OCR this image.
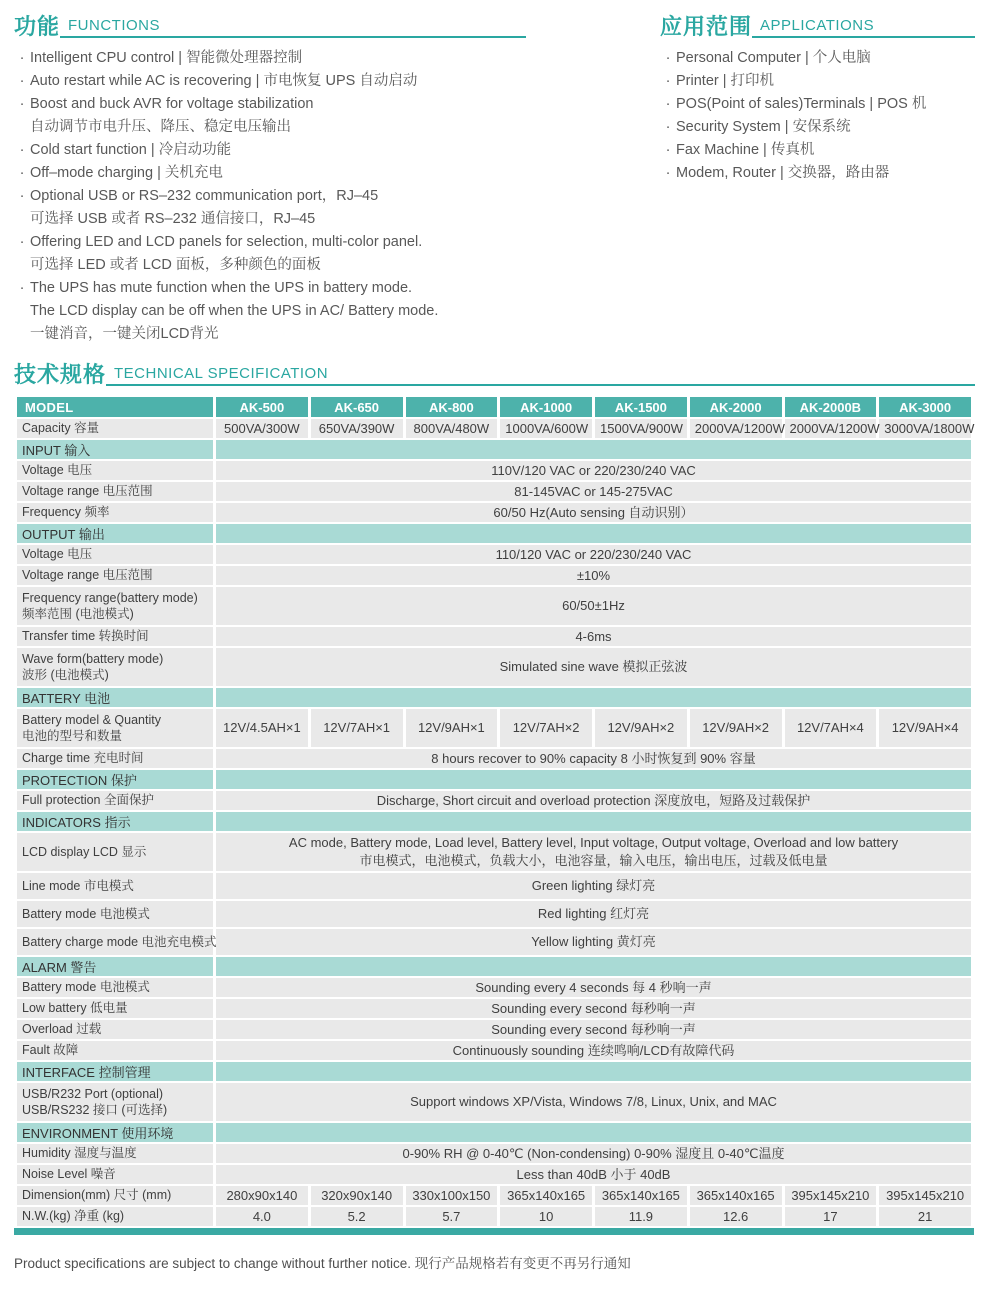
功能 FUNCTIONS
· Intelligent CPU control | 智能微处理器控制
· Auto restart while AC is recovering | 市电恢复 UPS 自动启动
· Boost and buck AVR for voltage stabilization
自动调节市电升压、降压、稳定电压输出
· Cold start function | 冷启动功能
· Off–mode charging | 关机充电
· Optional USB or RS–232 communication port，RJ–45
可选择 USB 或者 RS–232 通信接口，RJ–45
· Offering LED and LCD panels for selection, multi-color panel.
可选择 LED 或者 LCD 面板，多种颜色的面板
· The UPS has mute function when the UPS in battery mode.
The LCD display can be off when the UPS in AC/ Battery mode.
一键消音，一键关闭LCD背光
应用范围 APPLICATIONS
· Personal Computer | 个人电脑
· Printer | 打印机
· POS(Point of sales)Terminals | POS 机
· Security System | 安保系统
· Fax Machine | 传真机
· Modem, Router | 交换器，路由器
技术规格 TECHNICAL SPECIFICATION
MODEL	AK-500	AK-650	AK-800	AK-1000	AK-1500	AK-2000	AK-2000B	AK-3000
Capacity 容量	500VA/300W	650VA/390W	800VA/480W	1000VA/600W	1500VA/900W	2000VA/1200W	2000VA/1200W	3000VA/1800W
INPUT 输入								
Voltage 电压	110V/120 VAC or 220/230/240 VAC							
Voltage range 电压范围	81-145VAC or 145-275VAC							
Frequency 频率	60/50 Hz(Auto sensing 自动识别）							
OUTPUT 输出								
Voltage 电压	110/120 VAC or 220/230/240 VAC							
Voltage range 电压范围	±10%							
Frequency range(battery mode)
频率范围 (电池模式)	60/50±1Hz							
Transfer time 转换时间	4-6ms							
Wave form(battery mode)
波形 (电池模式)	Simulated sine wave 模拟正弦波							
BATTERY 电池								
Battery model & Quantity
电池的型号和数量	12V/4.5AH×1	12V/7AH×1	12V/9AH×1	12V/7AH×2	12V/9AH×2	12V/9AH×2	12V/7AH×4	12V/9AH×4
Charge time 充电时间	8 hours recover to 90% capacity 8 小时恢复到 90% 容量							
PROTECTION 保护								
Full protection 全面保护	Discharge, Short circuit and overload protection 深度放电，短路及过载保护							
INDICATORS 指示								
LCD display LCD 显示	AC mode, Battery mode, Load level, Battery level, Input voltage, Output voltage, Overload and low battery
市电模式，电池模式，负载大小，电池容量，输入电压，输出电压，过载及低电量							

Line mode 市电模式	Green lighting 绿灯亮							
Battery mode 电池模式	Red lighting 红灯亮							
Battery charge mode 电池充电模式	Yellow lighting 黄灯亮							
ALARM 警告								
Battery mode 电池模式	Sounding every 4 seconds 每 4 秒响一声							
Low battery 低电量	Sounding every second 每秒响一声							
Overload 过载	Sounding every second 每秒响一声							
Fault 故障	Continuously sounding 连续鸣响/LCD有故障代码							
INTERFACE 控制管理								
USB/R232 Port (optional)
USB/RS232 接口 (可选择)	Support windows XP/Vista, Windows 7/8, Linux, Unix, and MAC							
ENVIRONMENT 使用环境								
Humidity 湿度与温度	0-90% RH @ 0-40℃ (Non-condensing) 0-90% 湿度且 0-40℃温度							
Noise Level 噪音	Less than 40dB 小于 40dB							
Dimension(mm) 尺寸 (mm)	280x90x140	320x90x140	330x100x150	365x140x165	365x140x165	365x140x165	395x145x210	395x145x210
N.W.(kg) 净重 (kg)	4.0	5.2	5.7	10	11.9	12.6	17	21
Product specifications are subject to change without further notice. 现行产品规格若有变更不再另行通知
